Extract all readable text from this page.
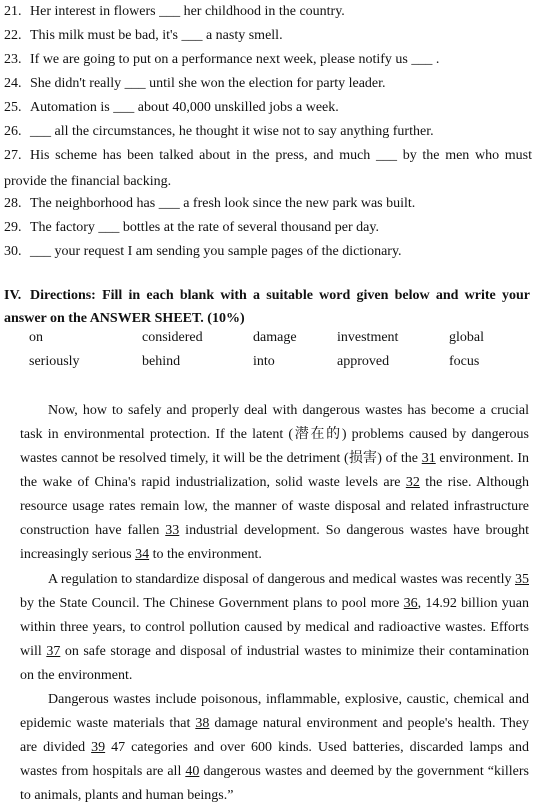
21. Her interest in flowers ___ her childhood in the country.
22. This milk must be bad, it's ___ a nasty smell.
23. If we are going to put on a performance next week, please notify us ___ .
24. She didn't really ___ until she won the election for party leader.
25. Automation is ___ about 40,000 unskilled jobs a week.
26. ___ all the circumstances, he thought it wise not to say anything further.
27. His scheme has been talked about in the press, and much ___ by the men who must
provide the financial backing.
28. The neighborhood has ___ a fresh look since the new park was built.
29. The factory ___ bottles at the rate of several thousand per day.
30. ___ your request I am sending you sample pages of the dictionary.
IV. Directions: Fill in each blank with a suitable word given below and write your answer on the ANSWER SHEET. (10%)
on	considered	damage	investment	global
seriously	behind	into	approved	focus

Now, how to safely and properly deal with dangerous wastes has become a crucial task in environmental protection. If the latent (潜在的) problems caused by dangerous wastes cannot be resolved timely, it will be the detriment (损害) of the 31 environment. In the wake of China's rapid industrialization, solid waste levels are 32 the rise. Although resource usage rates remain low, the manner of waste disposal and related infrastructure construction have fallen 33 industrial development. So dangerous wastes have brought increasingly serious 34 to the environment.

A regulation to standardize disposal of dangerous and medical wastes was recently 35 by the State Council. The Chinese Government plans to pool more 36, 14.92 billion yuan within three years, to control pollution caused by medical and radioactive wastes. Efforts will 37 on safe storage and disposal of industrial wastes to minimize their contamination on the environment.

Dangerous wastes include poisonous, inflammable, explosive, caustic, chemical and epidemic waste materials that 38 damage natural environment and people's health. They are divided 39 47 categories and over 600 kinds. Used batteries, discarded lamps and wastes from hospitals are all 40 dangerous wastes and deemed by the government “killers to animals, plants and human beings.”
